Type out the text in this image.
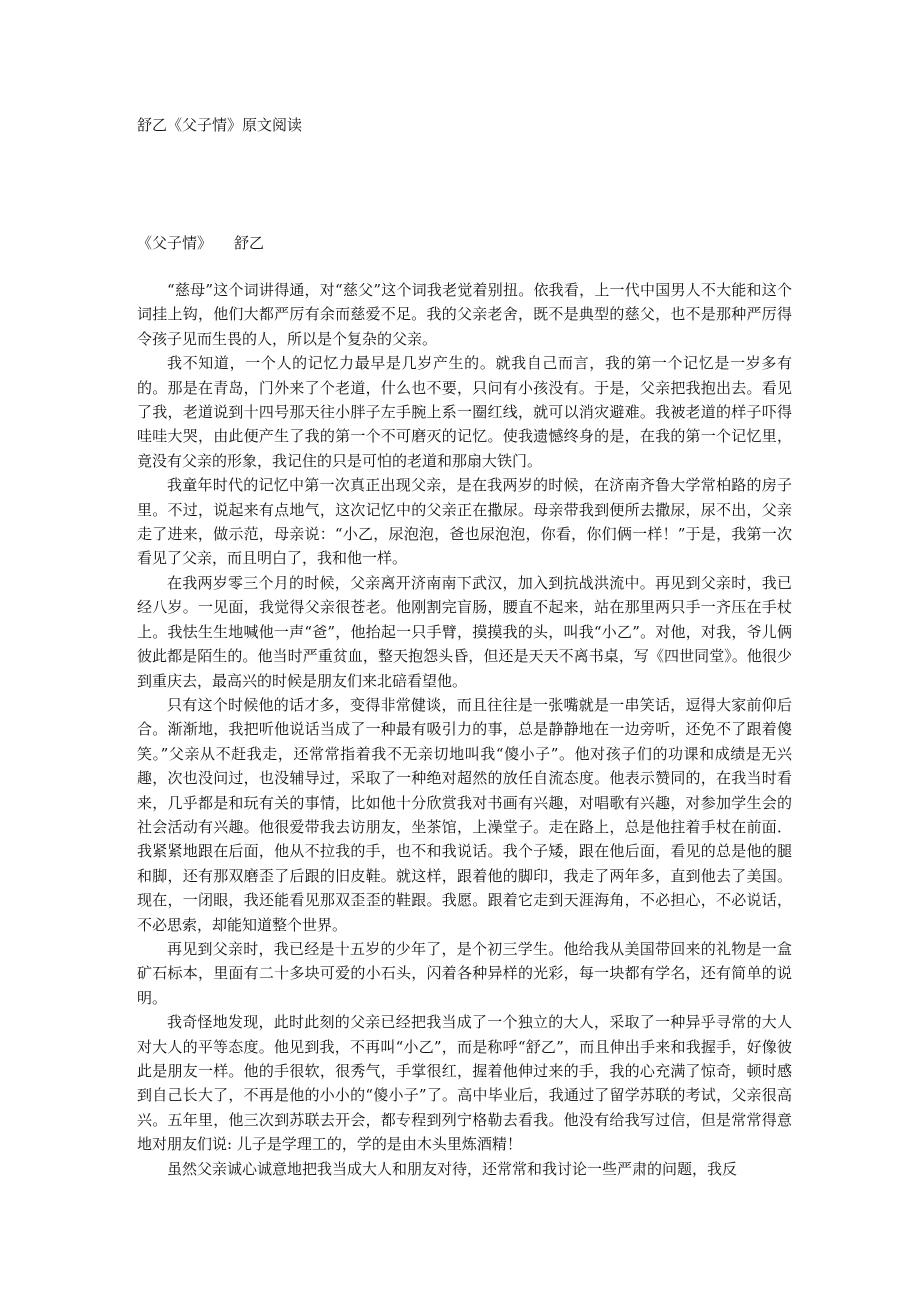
舒乙《父子情》原文阅读
《父子情》 舒乙

“慈母”这个词讲得通，对“慈父”这个词我老觉着别扭。依我看，上一代中国男人不大能和这个词挂上钩，他们大都严厉有余而慈爱不足。我的父亲老舍，既不是典型的慈父，也不是那种严厉得令孩子见而生畏的人，所以是个复杂的父亲。

我不知道，一个人的记忆力最早是几岁产生的。就我自己而言，我的第一个记忆是一岁多有的。那是在青岛，门外来了个老道，什么也不要，只问有小孩没有。于是，父亲把我抱出去。看见了我，老道说到十四号那天往小胖子左手腕上系一圈红线，就可以消灾避难。我被老道的样子吓得哇哇大哭，由此便产生了我的第一个不可磨灭的记忆。使我遗憾终身的是，在我的第一个记忆里，竟没有父亲的形象，我记住的只是可怕的老道和那扇大铁门。

我童年时代的记忆中第一次真正出现父亲，是在我两岁的时候，在济南齐鲁大学常柏路的房子里。不过，说起来有点地气，这次记忆中的父亲正在撒尿。母亲带我到便所去撒尿，尿不出，父亲走了进来，做示范，母亲说：“小乙，尿泡泡，爸也尿泡泡，你看，你们俩一样！”于是，我第一次看见了父亲，而且明白了，我和他一样。

在我两岁零三个月的时候，父亲离开济南南下武汉，加入到抗战洪流中。再见到父亲时，我已经八岁。一见面，我觉得父亲很苍老。他刚割完盲肠，腰直不起来，站在那里两只手一齐压在手杖上。我怯生生地喊他一声“爸”，他抬起一只手臂，摸摸我的头，叫我“小乙”。对他，对我，爷儿俩彼此都是陌生的。他当时严重贫血，整天抱怨头昏，但还是天天不离书桌，写《四世同堂》。他很少到重庆去，最高兴的时候是朋友们来北碚看望他。

只有这个时候他的话才多，变得非常健谈，而且往往是一张嘴就是一串笑话，逗得大家前仰后合。渐渐地，我把听他说话当成了一种最有吸引力的事，总是静静地在一边旁听，还免不了跟着傻笑。”父亲从不赶我走，还常常指着我不无亲切地叫我“傻小子”。他对孩子们的功课和成绩是无兴趣，次也没问过，也没辅导过，采取了一种绝对超然的放任自流态度。他表示赞同的，在我当时看来，几乎都是和玩有关的事情，比如他十分欣赏我对书画有兴趣，对唱歌有兴趣，对参加学生会的社会活动有兴趣。他很爱带我去访朋友，坐茶馆，上澡堂子。走在路上，总是他拄着手杖在前面．我紧紧地跟在后面，他从不拉我的手，也不和我说话。我个子矮，跟在他后面，看见的总是他的腿和脚，还有那双磨歪了后跟的旧皮鞋。就这样，跟着他的脚印，我走了两年多，直到他去了美国。现在，一闭眼，我还能看见那双歪歪的鞋跟。我愿。跟着它走到天涯海角，不必担心，不必说话，不必思索，却能知道整个世界。

再见到父亲时，我已经是十五岁的少年了，是个初三学生。他给我从美国带回来的礼物是一盒矿石标本，里面有二十多块可爱的小石头，闪着各种异样的光彩，每一块都有学名，还有简单的说明。

我奇怪地发现，此时此刻的父亲已经把我当成了一个独立的大人，采取了一种异乎寻常的大人对大人的平等态度。他见到我，不再叫“小乙”，而是称呼“舒乙”，而且伸出手来和我握手，好像彼此是朋友一样。他的手很软，很秀气，手掌很红，握着他伸过来的手，我的心充满了惊奇，顿时感到自己长大了，不再是他的小小的“傻小子”了。高中毕业后，我通过了留学苏联的考试，父亲很高 兴。五年里，他三次到苏联去开会，都专程到列宁格勒去看我。他没有给我写过信，但是常常得意地对朋友们说: 儿子是学理工的，学的是由木头里炼酒精！

虽然父亲诚心诚意地把我当成大人和朋友对待，还常常和我讨论一些严肃的问题，我反
